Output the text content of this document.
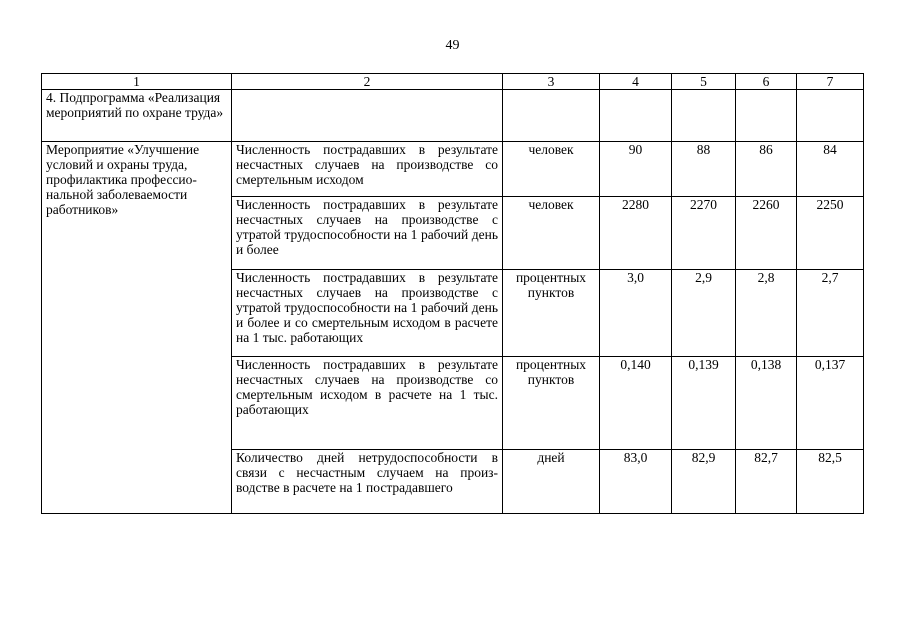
49
1	2	3	4	5	6	7
4. Подпрограмма «Реализация мероприятий по охране труда»						
Мероприятие «Улучшение условий и охраны труда, профилактика профессио-нальной заболеваемости работников»	Численность пострадавших в результате несчастных случаев на производстве со смертельным исходом	человек	90	88	86	84
	Численность пострадавших в результате несчастных случаев на производстве с утратой трудоспособности на 1 рабочий день и более	человек	2280	2270	2260	2250
	Численность пострадавших в результате несчастных случаев на производстве с утратой трудоспособности на 1 рабочий день и более и со смертельным исходом в расчете на 1 тыс. работающих	процентных пунктов	3,0	2,9	2,8	2,7
	Численность пострадавших в результате несчастных случаев на производстве со смертельным исходом в расчете на 1 тыс. работающих	процентных пунктов	0,140	0,139	0,138	0,137
	Количество дней нетрудоспособности в связи с несчастным случаем на произ-водстве в расчете на 1 пострадавшего	дней	83,0	82,9	82,7	82,5
